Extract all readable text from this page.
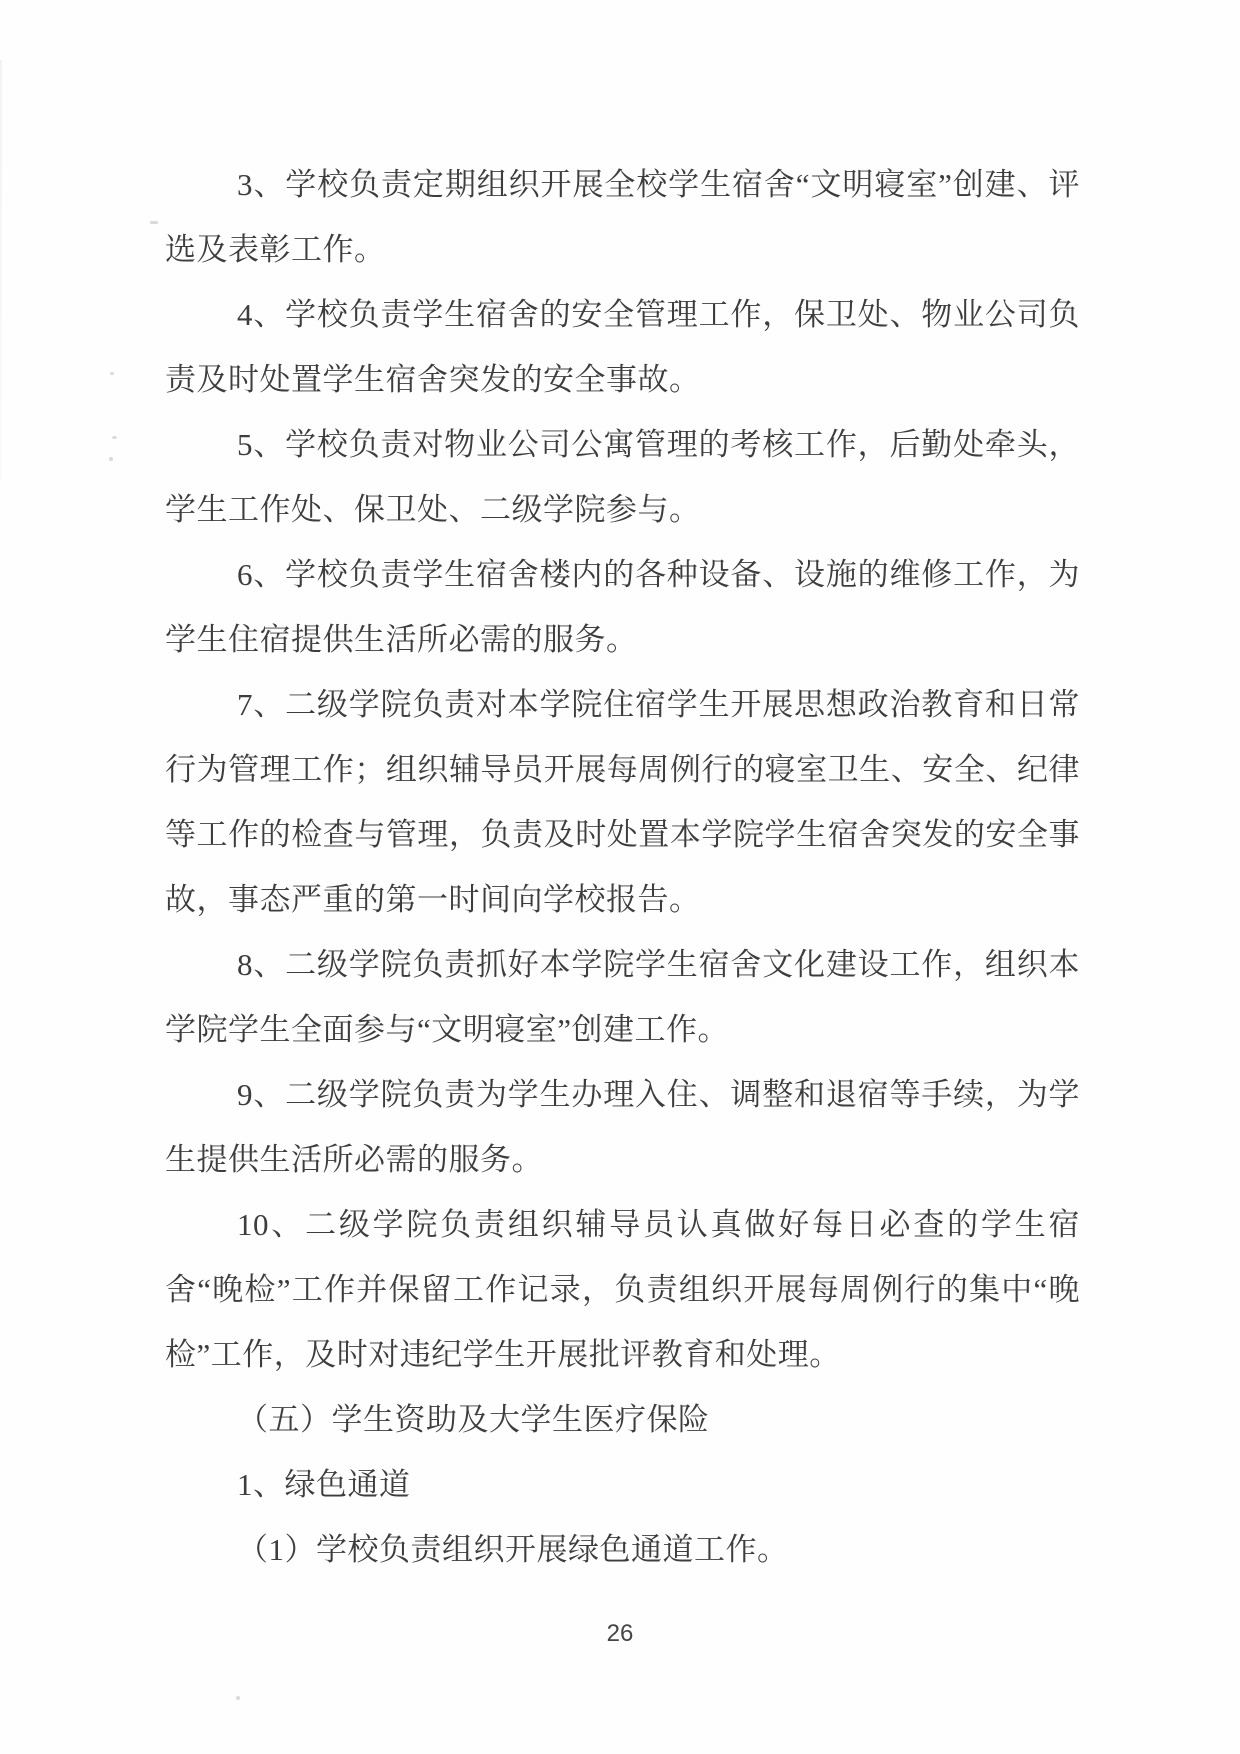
3、学校负责定期组织开展全校学生宿舍“文明寝室”创建、评选及表彰工作。

4、学校负责学生宿舍的安全管理工作，保卫处、物业公司负责及时处置学生宿舍突发的安全事故。

5、学校负责对物业公司公寓管理的考核工作，后勤处牵头，学生工作处、保卫处、二级学院参与。

6、学校负责学生宿舍楼内的各种设备、设施的维修工作，为学生住宿提供生活所必需的服务。

7、二级学院负责对本学院住宿学生开展思想政治教育和日常行为管理工作；组织辅导员开展每周例行的寝室卫生、安全、纪律等工作的检查与管理，负责及时处置本学院学生宿舍突发的安全事故，事态严重的第一时间向学校报告。

8、二级学院负责抓好本学院学生宿舍文化建设工作，组织本学院学生全面参与“文明寝室”创建工作。

9、二级学院负责为学生办理入住、调整和退宿等手续，为学生提供生活所必需的服务。

10、二级学院负责组织辅导员认真做好每日必查的学生宿舍“晚检”工作并保留工作记录，负责组织开展每周例行的集中“晚检”工作，及时对违纪学生开展批评教育和处理。

（五）学生资助及大学生医疗保险

1、绿色通道

（1）学校负责组织开展绿色通道工作。

26
